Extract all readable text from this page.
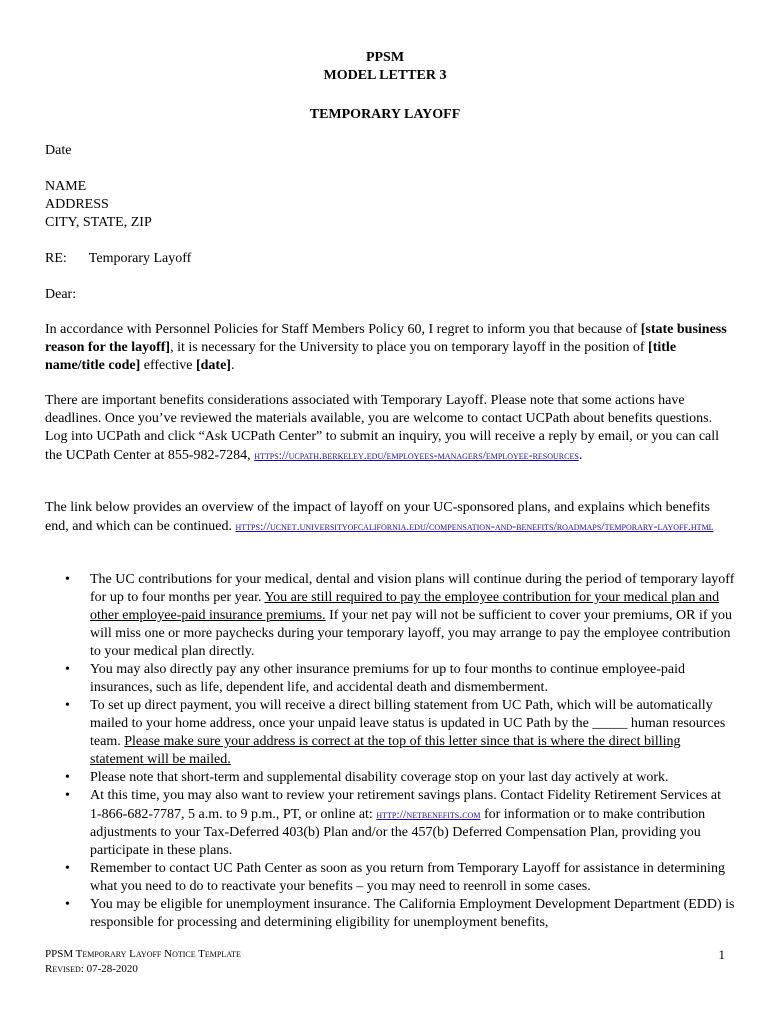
PPSM
MODEL LETTER 3
TEMPORARY LAYOFF
Date
NAME
ADDRESS
CITY, STATE, ZIP
RE: Temporary Layoff
Dear:

In accordance with Personnel Policies for Staff Members Policy 60, I regret to inform you that because of [state business reason for the layoff], it is necessary for the University to place you on temporary layoff in the position of [title name/title code] effective [date].

There are important benefits considerations associated with Temporary Layoff. Please note that some actions have deadlines. Once you’ve reviewed the materials available, you are welcome to contact UCPath about benefits questions. Log into UCPath and click “Ask UCPath Center” to submit an inquiry, you will receive a reply by email, or you can call the UCPath Center at 855-982-7284, https://ucpath.berkeley.edu/employees-managers/employee-resources.

The link below provides an overview of the impact of layoff on your UC-sponsored plans, and explains which benefits end, and which can be continued. https://ucnet.universityofcalifornia.edu/compensation-and-benefits/roadmaps/temporary-layoff.html

• The UC contributions for your medical, dental and vision plans will continue during the period of temporary layoff for up to four months per year. You are still required to pay the employee contribution for your medical plan and other employee-paid insurance premiums. If your net pay will not be sufficient to cover your premiums, OR if you will miss one or more paychecks during your temporary layoff, you may arrange to pay the employee contribution to your medical plan directly.
• You may also directly pay any other insurance premiums for up to four months to continue employee-paid insurances, such as life, dependent life, and accidental death and dismemberment.
• To set up direct payment, you will receive a direct billing statement from UC Path, which will be automatically mailed to your home address, once your unpaid leave status is updated in UC Path by the _____ human resources team. Please make sure your address is correct at the top of this letter since that is where the direct billing statement will be mailed.
• Please note that short-term and supplemental disability coverage stop on your last day actively at work.
• At this time, you may also want to review your retirement savings plans. Contact Fidelity Retirement Services at 1-866-682-7787, 5 a.m. to 9 p.m., PT, or online at: http://netbenefits.com for information or to make contribution adjustments to your Tax-Deferred 403(b) Plan and/or the 457(b) Deferred Compensation Plan, providing you participate in these plans.
• Remember to contact UC Path Center as soon as you return from Temporary Layoff for assistance in determining what you need to do to reactivate your benefits – you may need to reenroll in some cases.
• You may be eligible for unemployment insurance. The California Employment Development Department (EDD) is responsible for processing and determining eligibility for unemployment benefits,
PPSM Temporary Layoff Notice Template
Revised: 07-28-2020
1
